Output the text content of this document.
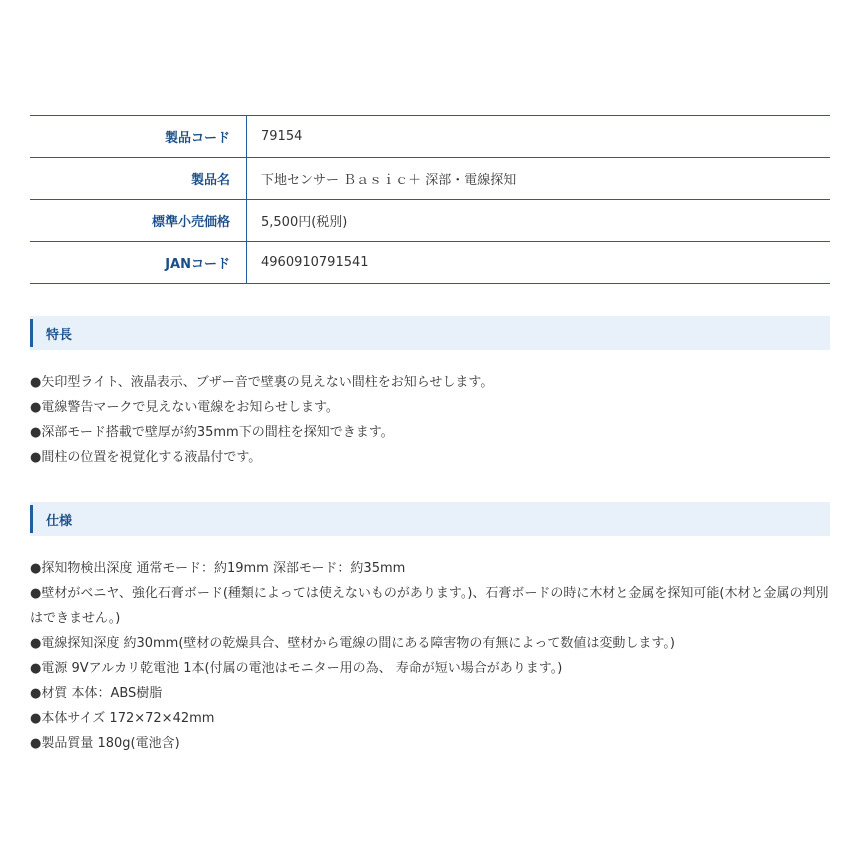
製品コード	79154
製品名	下地センサー Ｂａｓｉｃ＋ 深部・電線探知
標準小売価格	5,500円(税別)
JANコード	4960910791541
特長
●矢印型ライト、液晶表示、ブザー音で壁裏の見えない間柱をお知らせします。
●電線警告マークで見えない電線をお知らせします。
●深部モード搭載で壁厚が約35mm下の間柱を探知できます。
●間柱の位置を視覚化する液晶付です。
仕様
●探知物検出深度 通常モード：約19mm 深部モード：約35mm
●壁材がベニヤ、強化石膏ボード(種類によっては使えないものがあります。)、石膏ボードの時に木材と金属を探知可能(木材と金属の判別はできません。)
●電線探知深度 約30mm(壁材の乾燥具合、壁材から電線の間にある障害物の有無によって数値は変動します。)
●電源 9Vアルカリ乾電池 1本(付属の電池はモニター用の為、 寿命が短い場合があります。)
●材質 本体：ABS樹脂
●本体サイズ 172×72×42mm
●製品質量 180g(電池含)
